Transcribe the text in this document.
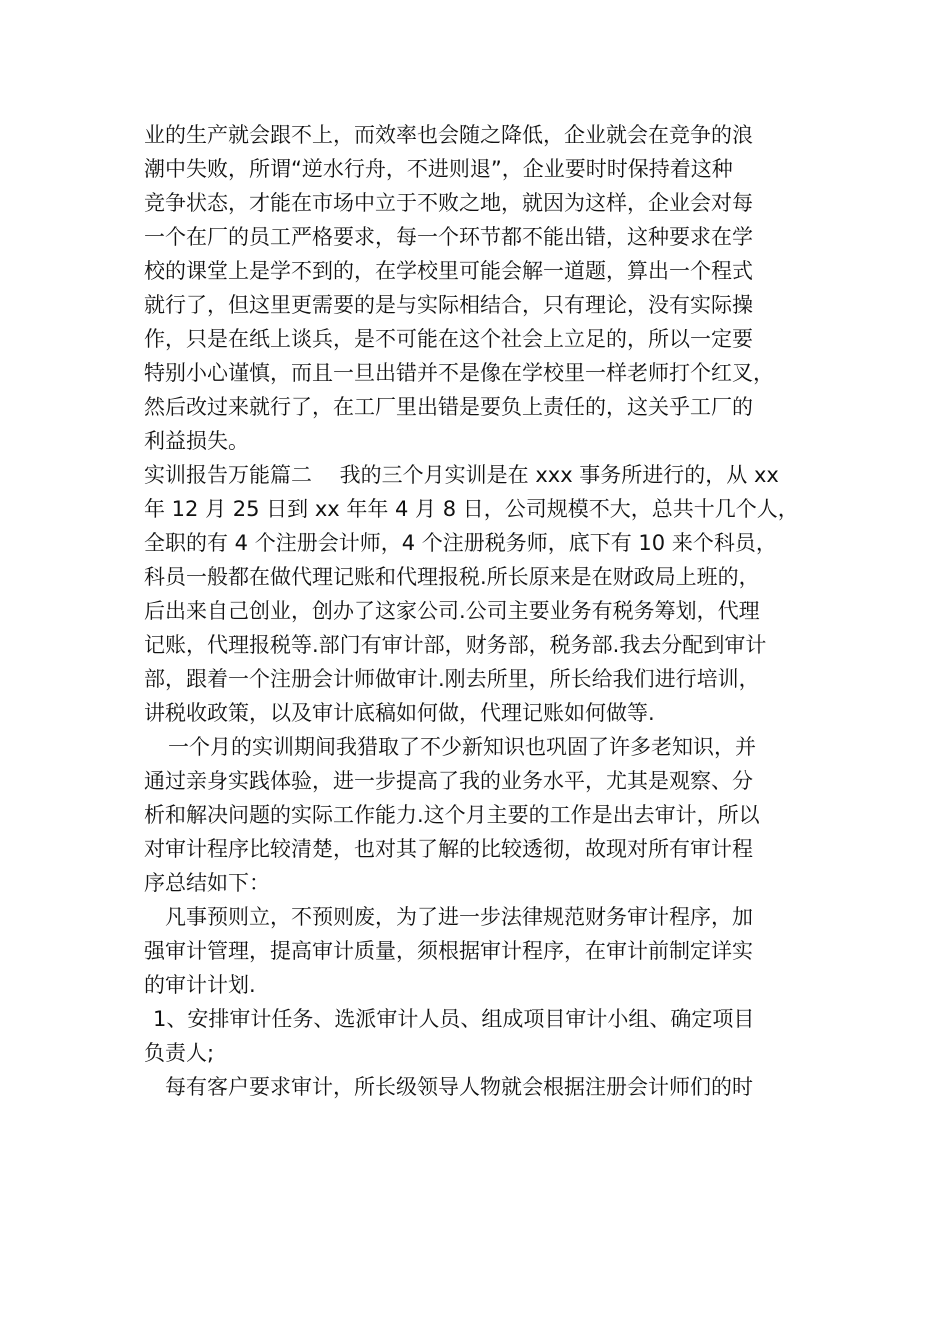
业的生产就会跟不上，而效率也会随之降低，企业就会在竞争的浪
潮中失败，所谓“逆水行舟，不进则退”，企业要时时保持着这种
竞争状态，才能在市场中立于不败之地，就因为这样，企业会对每
一个在厂的员工严格要求，每一个环节都不能出错，这种要求在学
校的课堂上是学不到的，在学校里可能会解一道题，算出一个程式
就行了，但这里更需要的是与实际相结合，只有理论，没有实际操
作，只是在纸上谈兵，是不可能在这个社会上立足的，所以一定要
特别小心谨慎，而且一旦出错并不是像在学校里一样老师打个红叉，
然后改过来就行了，在工厂里出错是要负上责任的，这关乎工厂的
利益损失。
实训报告万能篇二　 我的三个月实训是在 xxx 事务所进行的，从 xx
年 12 月 25 日到 xx 年年 4 月 8 日，公司规模不大，总共十几个人，
全职的有 4 个注册会计师，4 个注册税务师，底下有 10 来个科员，
科员一般都在做代理记账和代理报税.所长原来是在财政局上班的，
后出来自己创业，创办了这家公司.公司主要业务有税务筹划，代理
记账，代理报税等.部门有审计部，财务部，税务部.我去分配到审计
部，跟着一个注册会计师做审计.刚去所里，所长给我们进行培训，
讲税收政策，以及审计底稿如何做，代理记账如何做等.
一个月的实训期间我猎取了不少新知识也巩固了许多老知识，并
通过亲身实践体验，进一步提高了我的业务水平，尤其是观察、分
析和解决问题的实际工作能力.这个月主要的工作是出去审计，所以
对审计程序比较清楚，也对其了解的比较透彻，故现对所有审计程
序总结如下：
凡事预则立，不预则废，为了进一步法律规范财务审计程序，加
强审计管理，提高审计质量，须根据审计程序，在审计前制定详实
的审计计划.
1、安排审计任务、选派审计人员、组成项目审计小组、确定项目
负责人;
每有客户要求审计，所长级领导人物就会根据注册会计师们的时
